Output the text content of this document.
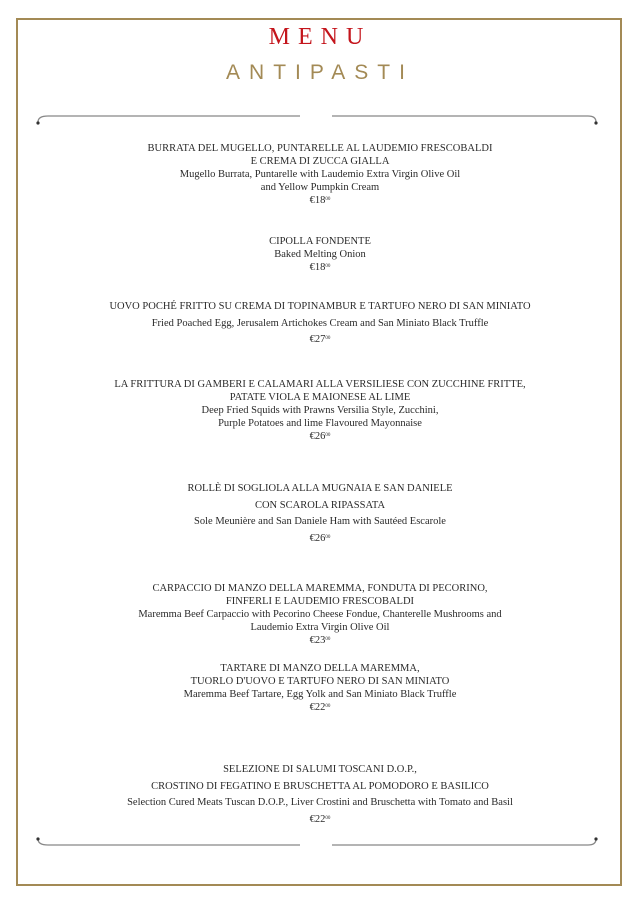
MENU
ANTIPASTI
BURRATA DEL MUGELLO, PUNTARELLE AL LAUDEMIO FRESCOBALDI
E CREMA DI ZUCCA GIALLA
Mugello Burrata, Puntarelle with Laudemio Extra Virgin Olive Oil
and Yellow Pumpkin Cream
$€18^{00}$
CIPOLLA FONDENTE
Baked Melting Onion
$€18^{00}$
UOVO POCHÉ FRITTO SU CREMA DI TOPINAMBUR E TARTUFO NERO DI SAN MINIATO
Fried Poached Egg, Jerusalem Artichokes Cream and San Miniato Black Truffle
$€27^{00}$
LA FRITTURA DI GAMBERI E CALAMARI ALLA VERSILIESE CON ZUCCHINE FRITTE,
PATATE VIOLA E MAIONESE AL LIME
Deep Fried Squids with Prawns Versilia Style, Zucchini,
Purple Potatoes and lime Flavoured Mayonnaise
$€26^{00}$
ROLLÈ DI SOGLIOLA ALLA MUGNAIA E SAN DANIELE
CON SCAROLA RIPASSATA
Sole Meunière and San Daniele Ham with Sautéed Escarole
$€26^{00}$
CARPACCIO DI MANZO DELLA MAREMMA, FONDUTA DI PECORINO,
FINFERLI E LAUDEMIO FRESCOBALDI
Maremma Beef Carpaccio with Pecorino Cheese Fondue, Chanterelle Mushrooms and
Laudemio Extra Virgin Olive Oil
$€23^{00}$
TARTARE DI MANZO DELLA MAREMMA,
TUORLO D'UOVO E TARTUFO NERO DI SAN MINIATO
Maremma Beef Tartare, Egg Yolk and San Miniato Black Truffle
$€22^{00}$
SELEZIONE DI SALUMI TOSCANI D.O.P.,
CROSTINO DI FEGATINO E BRUSCHETTA AL POMODORO E BASILICO
Selection Cured Meats Tuscan D.O.P., Liver Crostini and Bruschetta with Tomato and Basil
$€22^{00}$
